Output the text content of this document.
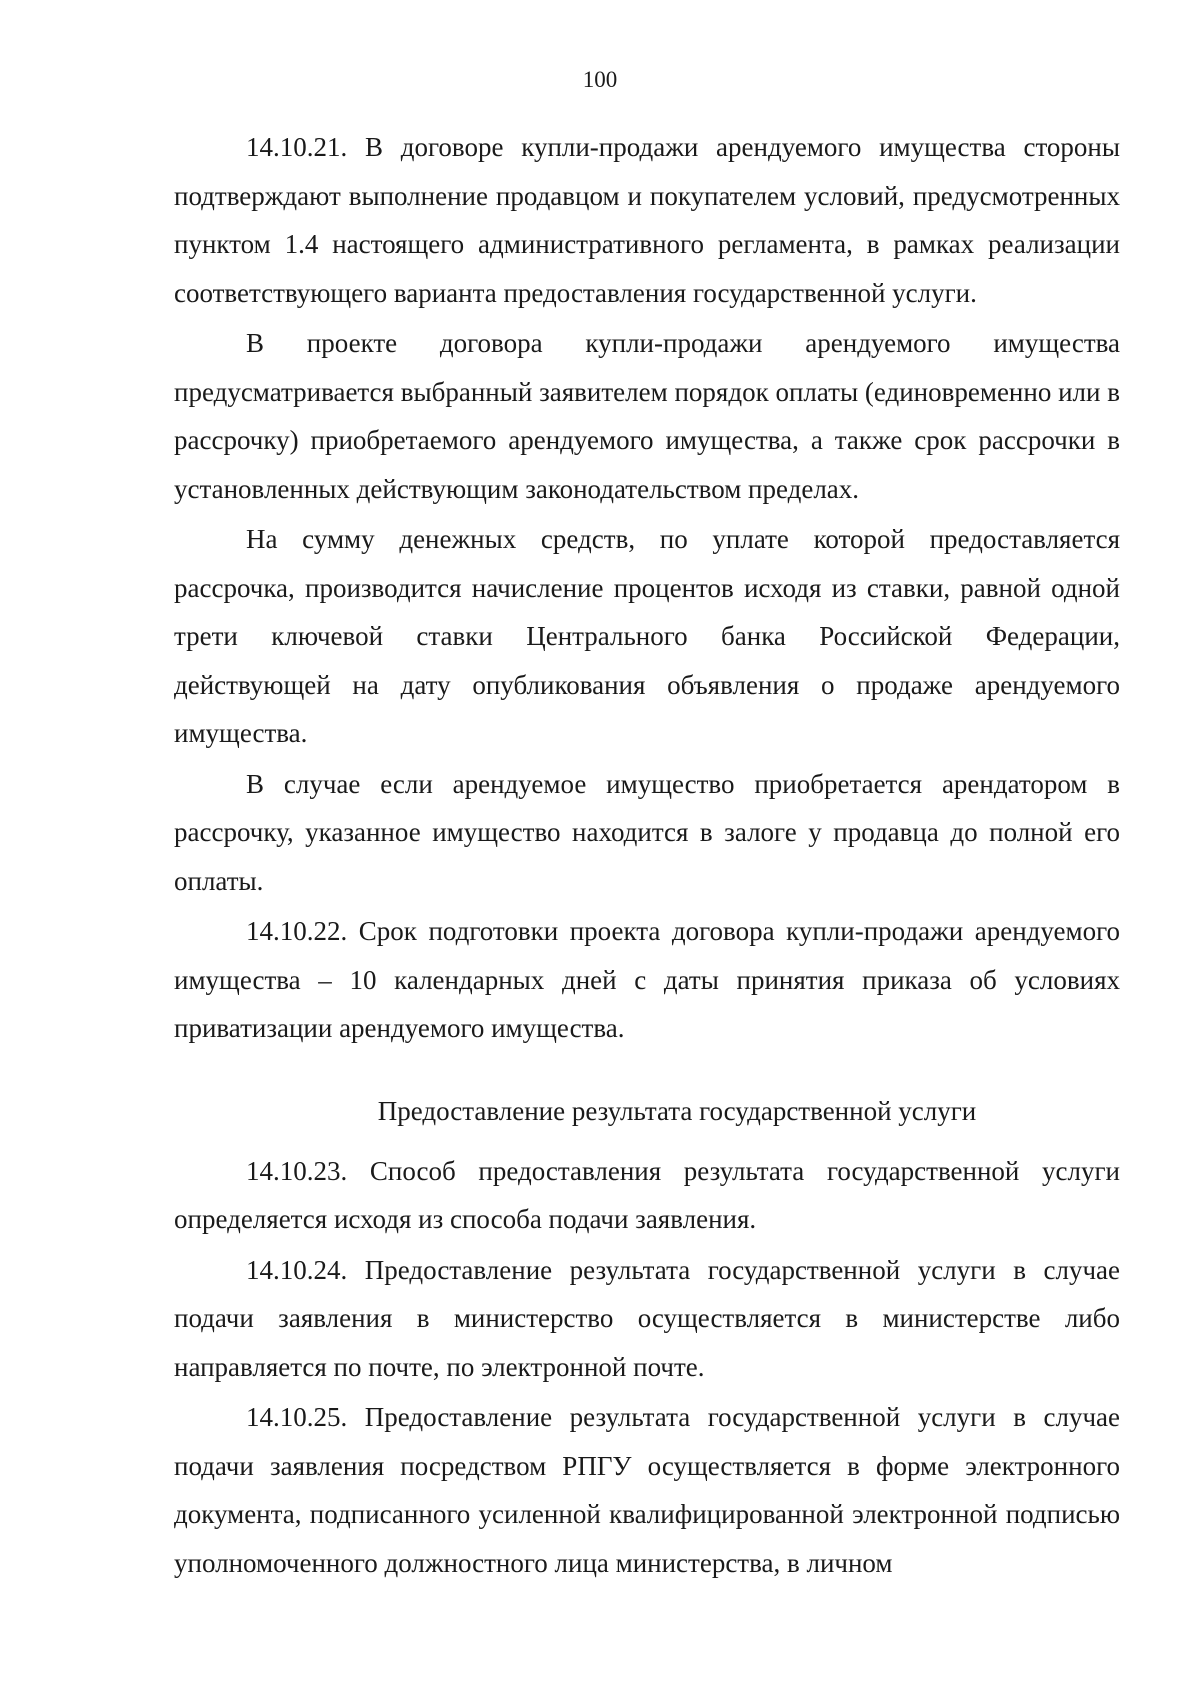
100

14.10.21. В договоре купли-продажи арендуемого имущества стороны подтверждают выполнение продавцом и покупателем условий, предусмотренных пунктом 1.4 настоящего административного регламента, в рамках реализации соответствующего варианта предоставления государственной услуги.

В проекте договора купли-продажи арендуемого имущества предусматривается выбранный заявителем порядок оплаты (единовременно или в рассрочку) приобретаемого арендуемого имущества, а также срок рассрочки в установленных действующим законодательством пределах.

На сумму денежных средств, по уплате которой предоставляется рассрочка, производится начисление процентов исходя из ставки, равной одной трети ключевой ставки Центрального банка Российской Федерации, действующей на дату опубликования объявления о продаже арендуемого имущества.

В случае если арендуемое имущество приобретается арендатором в рассрочку, указанное имущество находится в залоге у продавца до полной его оплаты.

14.10.22. Срок подготовки проекта договора купли-продажи арендуемого имущества – 10 календарных дней с даты принятия приказа об условиях приватизации арендуемого имущества.

Предоставление результата государственной услуги

14.10.23. Способ предоставления результата государственной услуги определяется исходя из способа подачи заявления.

14.10.24. Предоставление результата государственной услуги в случае подачи заявления в министерство осуществляется в министерстве либо направляется по почте, по электронной почте.

14.10.25. Предоставление результата государственной услуги в случае подачи заявления посредством РПГУ осуществляется в форме электронного документа, подписанного усиленной квалифицированной электронной подписью уполномоченного должностного лица министерства, в личном
